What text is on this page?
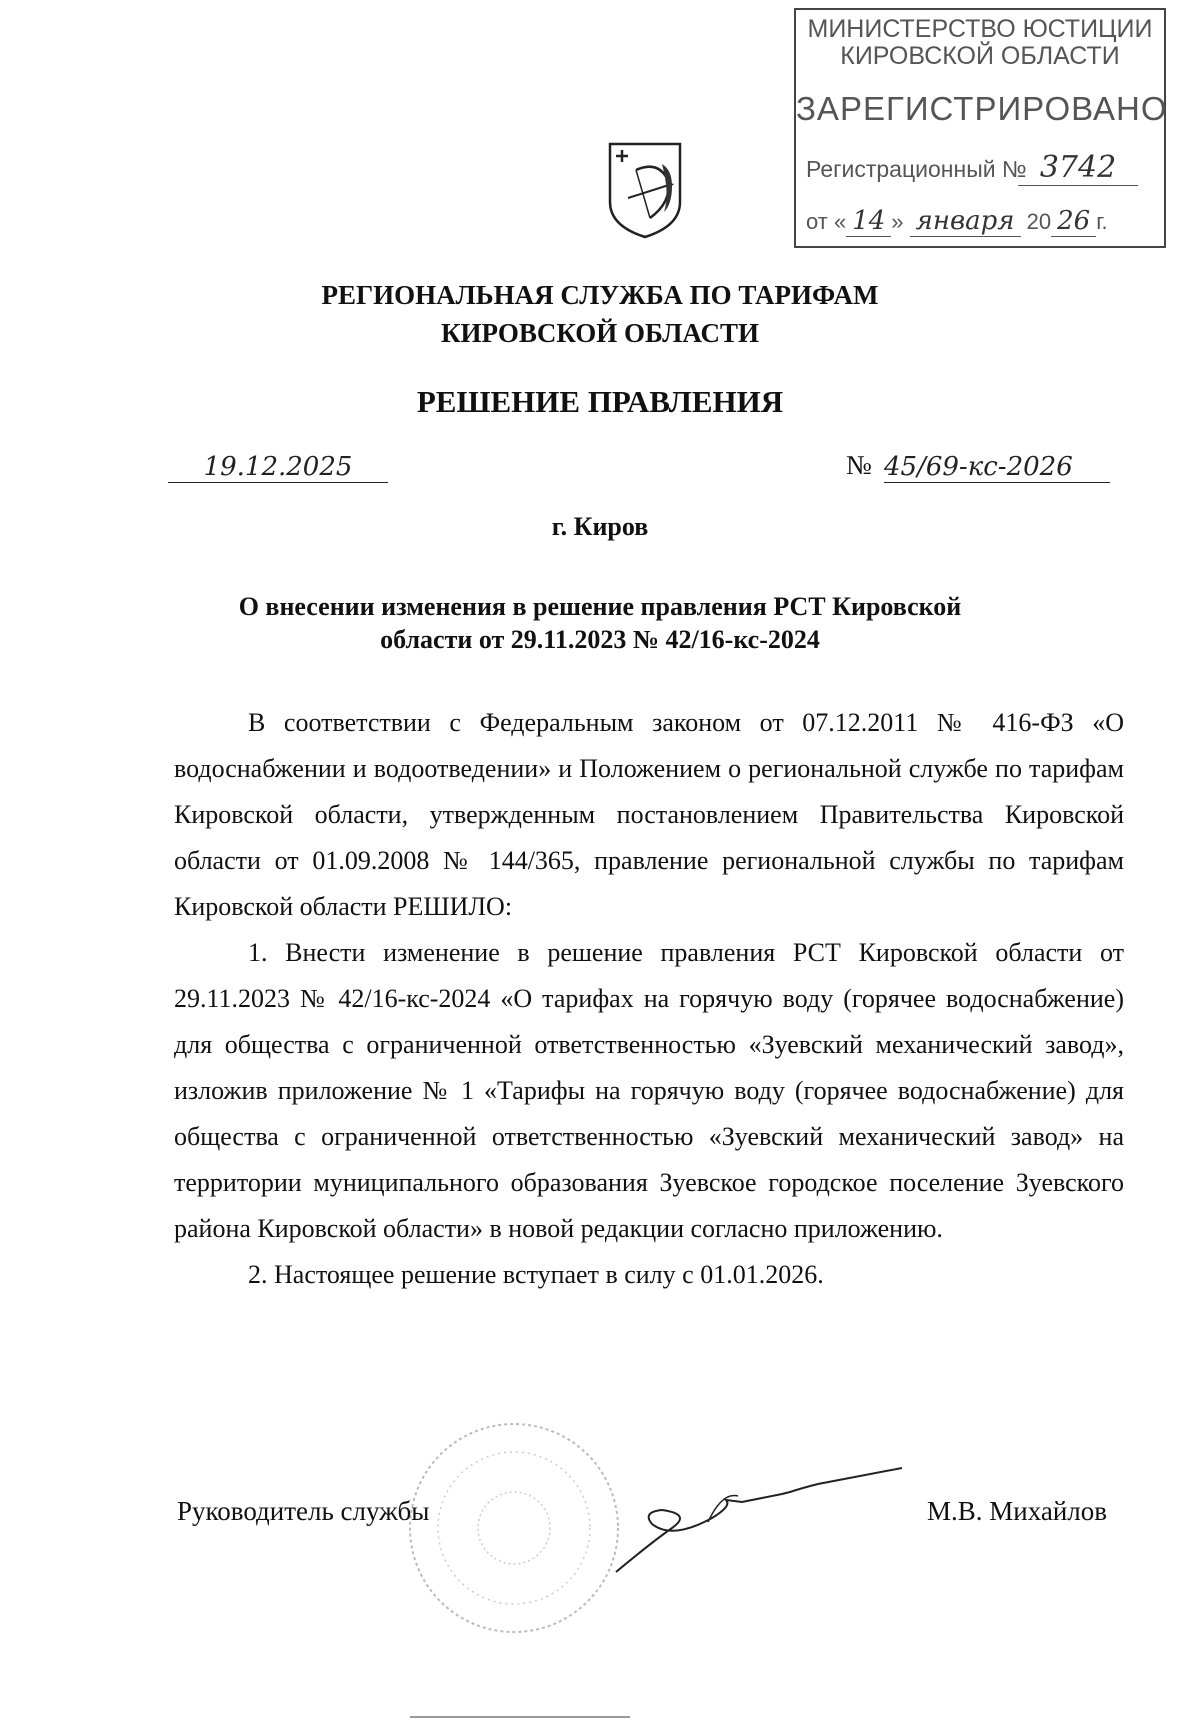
МИНИСТЕРСТВО ЮСТИЦИИ
КИРОВСКОЙ ОБЛАСТИ
ЗАРЕГИСТРИРОВАНО
Регистрационный № 3742
от « 14 » января 20 26 г.
РЕГИОНАЛЬНАЯ СЛУЖБА ПО ТАРИФАМ
КИРОВСКОЙ ОБЛАСТИ
РЕШЕНИЕ ПРАВЛЕНИЯ
19.12.2025	№ 45/69-кс-2026
г. Киров
О внесении изменения в решение правления РСТ Кировской
области от 29.11.2023 № 42/16-кс-2024

В соответствии с Федеральным законом от 07.12.2011 № 416-ФЗ «О водоснабжении и водоотведении» и Положением о региональной службе по тарифам Кировской области, утвержденным постановлением Правительства Кировской области от 01.09.2008 № 144/365, правление региональной службы по тарифам Кировской области РЕШИЛО:

1. Внести изменение в решение правления РСТ Кировской области от 29.11.2023 № 42/16-кс-2024 «О тарифах на горячую воду (горячее водоснабжение) для общества с ограниченной ответственностью «Зуевский механический завод», изложив приложение № 1 «Тарифы на горячую воду (горячее водоснабжение) для общества с ограниченной ответственностью «Зуевский механический завод» на территории муниципального образования Зуевское городское поселение Зуевского района Кировской области» в новой редакции согласно приложению.

2. Настоящее решение вступает в силу с 01.01.2026.

Руководитель службы	М.В. Михайлов
